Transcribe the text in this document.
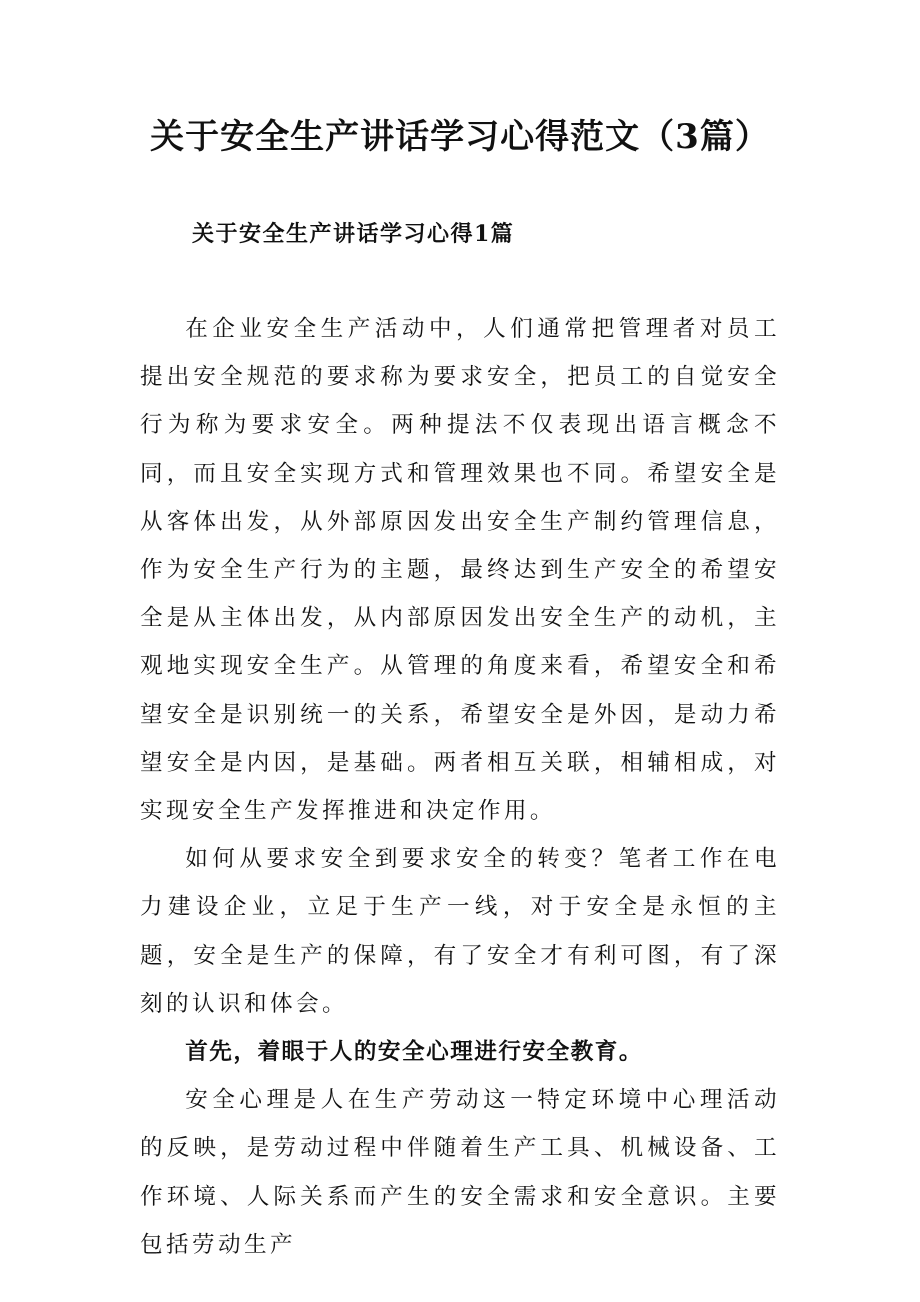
关于安全生产讲话学习心得范文（3篇）
关于安全生产讲话学习心得1篇

在企业安全生产活动中，人们通常把管理者对员工提出安全规范的要求称为要求安全，把员工的自觉安全行为称为要求安全。两种提法不仅表现出语言概念不同，而且安全实现方式和管理效果也不同。希望安全是从客体出发，从外部原因发出安全生产制约管理信息，作为安全生产行为的主题，最终达到生产安全的希望安全是从主体出发，从内部原因发出安全生产的动机，主观地实现安全生产。从管理的角度来看，希望安全和希望安全是识别统一的关系，希望安全是外因，是动力希望安全是内因，是基础。两者相互关联，相辅相成，对实现安全生产发挥推进和决定作用。

如何从要求安全到要求安全的转变？笔者工作在电力建设企业，立足于生产一线，对于安全是永恒的主题，安全是生产的保障，有了安全才有利可图，有了深刻的认识和体会。

首先，着眼于人的安全心理进行安全教育。

安全心理是人在生产劳动这一特定环境中心理活动的反映，是劳动过程中伴随着生产工具、机械设备、工作环境、人际关系而产生的安全需求和安全意识。主要包括劳动生产
